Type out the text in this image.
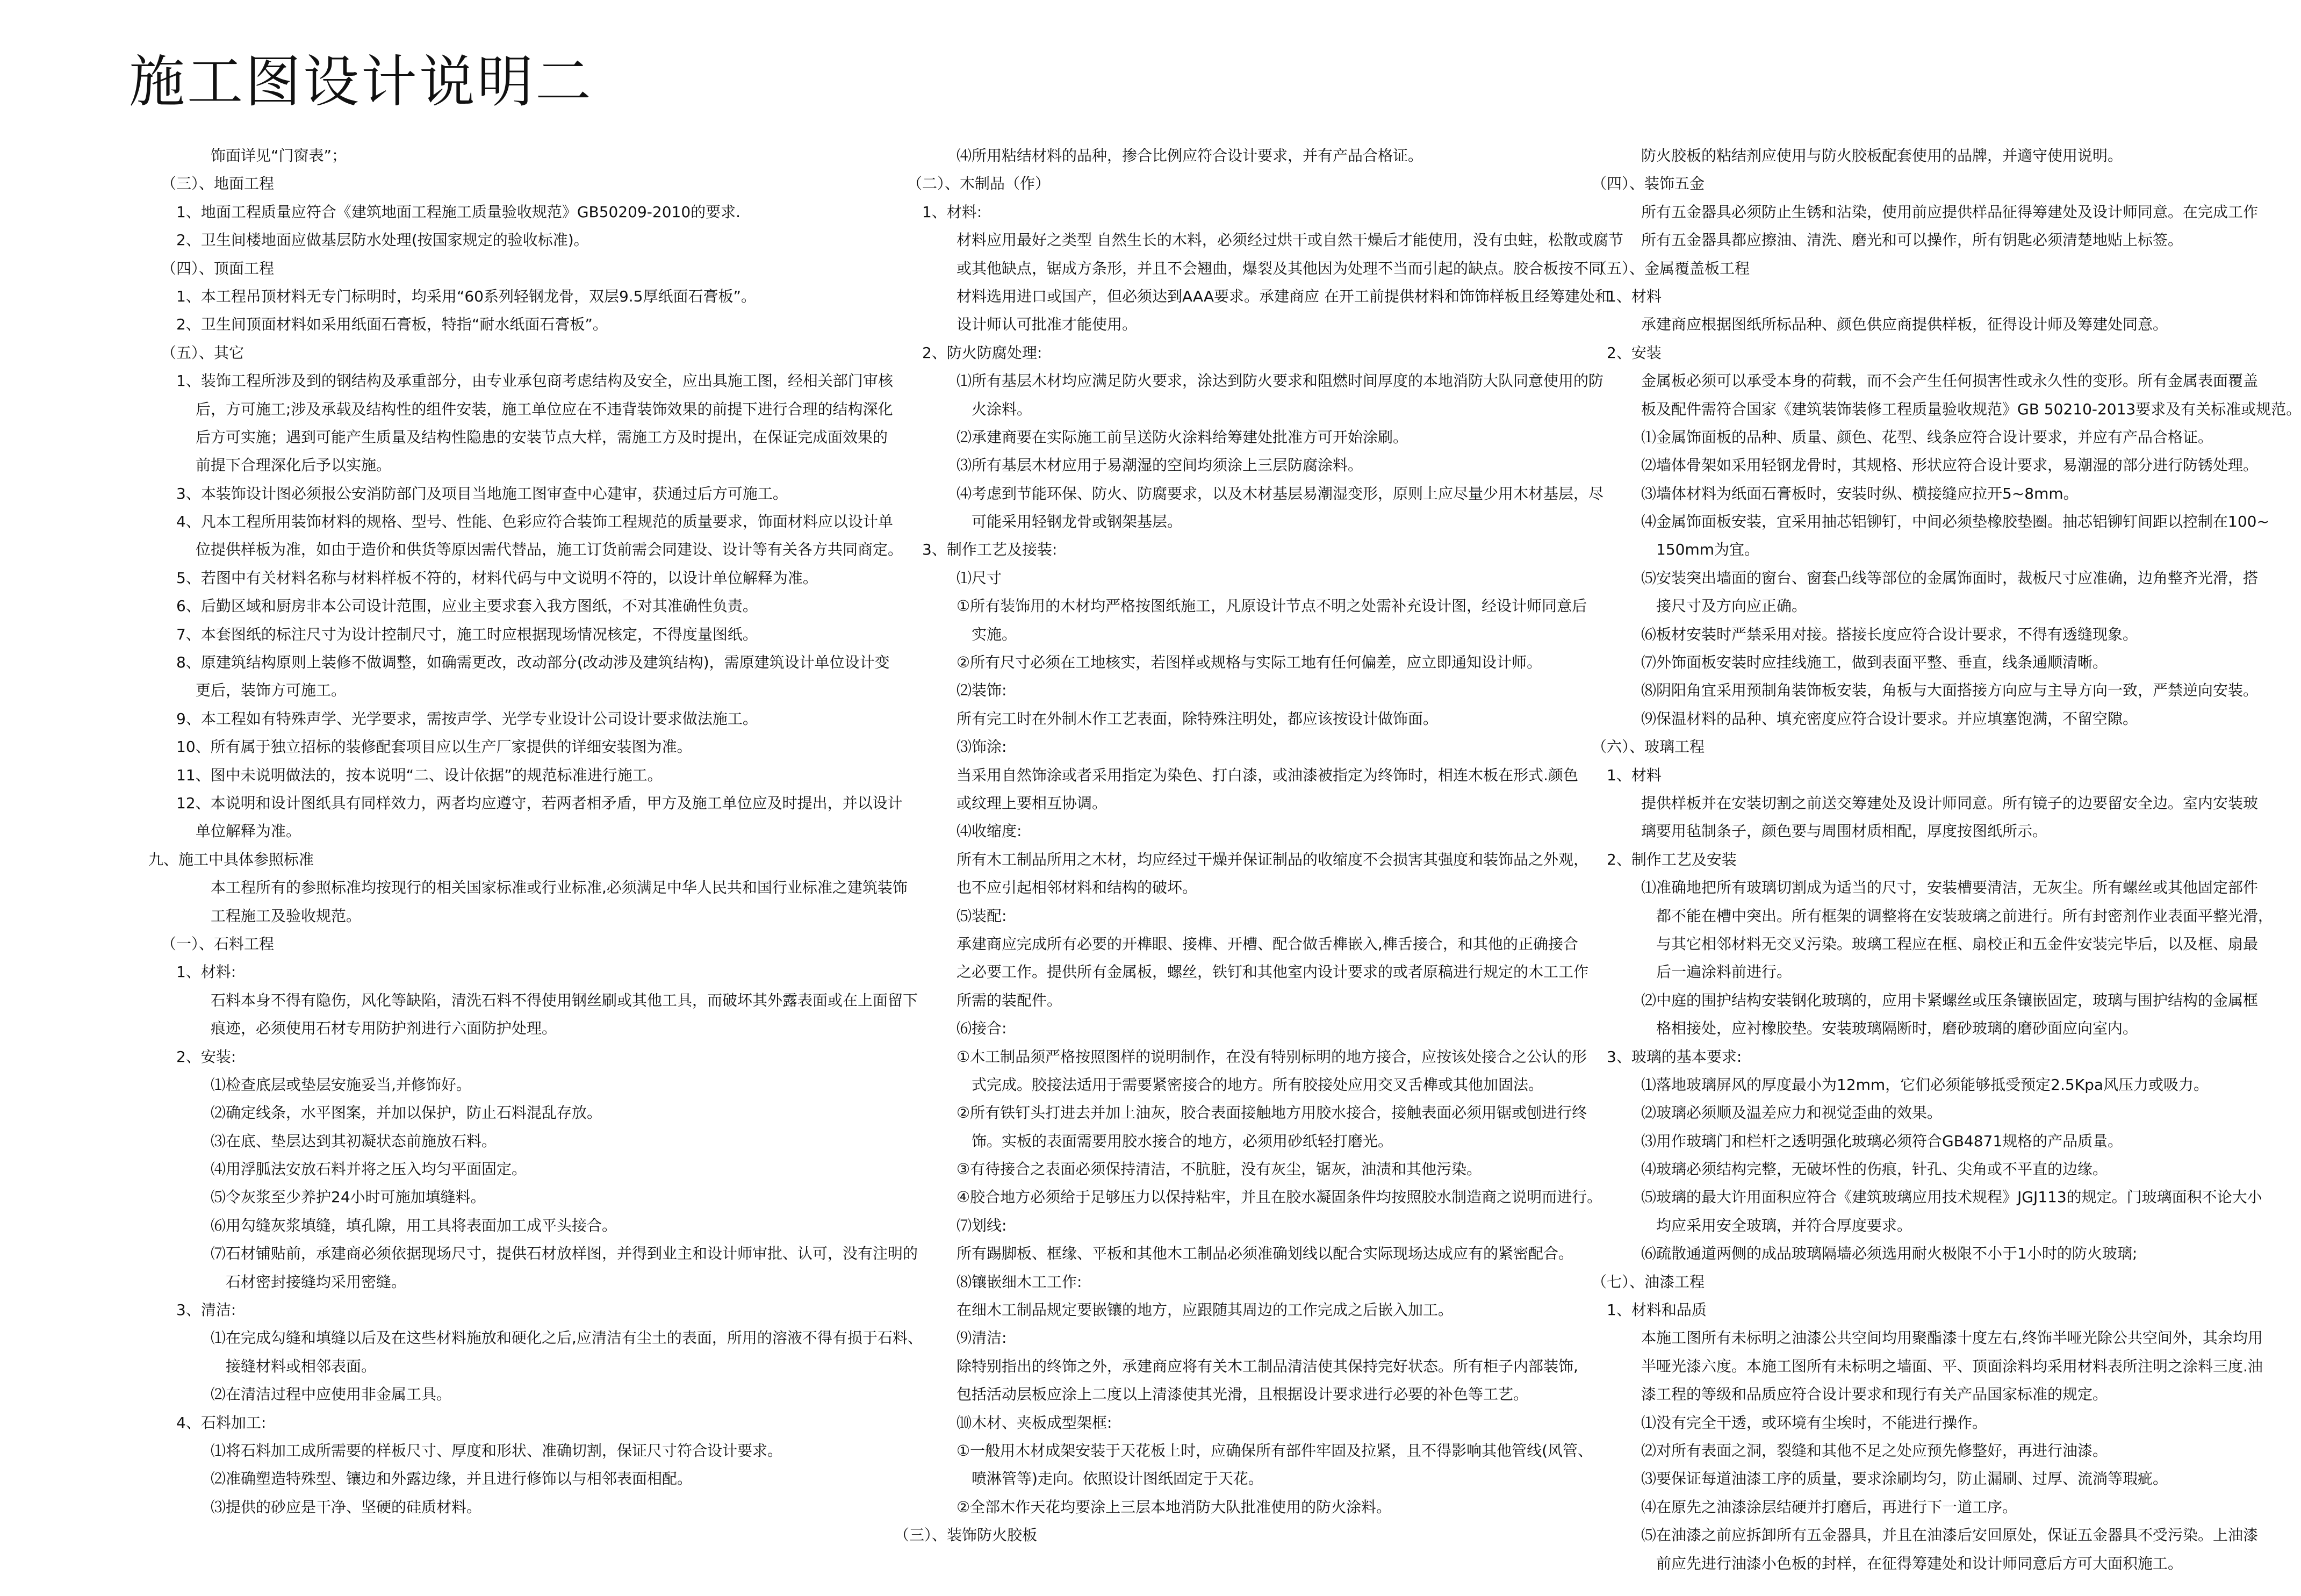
施工图设计说明二
饰面详见“门窗表”；
（三）、地面工程
1、地面工程质量应符合《建筑地面工程施工质量验收规范》GB50209-2010的要求.
2、卫生间楼地面应做基层防水处理(按国家规定的验收标准)。
（四）、顶面工程
1、本工程吊顶材料无专门标明时，均采用“60系列轻钢龙骨，双层9.5厚纸面石膏板”。
2、卫生间顶面材料如采用纸面石膏板，特指“耐水纸面石膏板”。
（五）、其它
1、装饰工程所涉及到的钢结构及承重部分，由专业承包商考虑结构及安全，应出具施工图，经相关部门审核
后，方可施工;涉及承载及结构性的组件安装，施工单位应在不违背装饰效果的前提下进行合理的结构深化
后方可实施；遇到可能产生质量及结构性隐患的安装节点大样，需施工方及时提出，在保证完成面效果的
前提下合理深化后予以实施。
3、本装饰设计图必须报公安消防部门及项目当地施工图审查中心建审，获通过后方可施工。
4、凡本工程所用装饰材料的规格、型号、性能、色彩应符合装饰工程规范的质量要求，饰面材料应以设计单
位提供样板为准，如由于造价和供货等原因需代替品，施工订货前需会同建设、设计等有关各方共同商定。
5、若图中有关材料名称与材料样板不符的，材料代码与中文说明不符的，以设计单位解释为准。
6、后勤区域和厨房非本公司设计范围，应业主要求套入我方图纸，不对其准确性负责。
7、本套图纸的标注尺寸为设计控制尺寸，施工时应根据现场情况核定，不得度量图纸。
8、原建筑结构原则上装修不做调整，如确需更改，改动部分(改动涉及建筑结构)，需原建筑设计单位设计变
更后，装饰方可施工。
9、本工程如有特殊声学、光学要求，需按声学、光学专业设计公司设计要求做法施工。
10、所有属于独立招标的装修配套项目应以生产厂家提供的详细安装图为准。
11、图中未说明做法的，按本说明“二、设计依据”的规范标准进行施工。
12、本说明和设计图纸具有同样效力，两者均应遵守，若两者相矛盾，甲方及施工单位应及时提出，并以设计
单位解释为准。
九、施工中具体参照标准
本工程所有的参照标准均按现行的相关国家标准或行业标准,必须满足中华人民共和国行业标准之建筑装饰
工程施工及验收规范。
（一）、石料工程
1、材料:
石料本身不得有隐伤，风化等缺陷，清洗石料不得使用钢丝刷或其他工具，而破坏其外露表面或在上面留下
痕迹，必须使用石材专用防护剂进行六面防护处理。
2、安装:
⑴检查底层或垫层安施妥当,并修饰好。
⑵确定线条，水平图案，并加以保护，防止石料混乱存放。
⑶在底、垫层达到其初凝状态前施放石料。
⑷用浮胍法安放石料并将之压入均匀平面固定。
⑸令灰浆至少养护24小时可施加填缝料。
⑹用勾缝灰浆填缝，填孔隙，用工具将表面加工成平头接合。
⑺石材铺贴前，承建商必须依据现场尺寸，提供石材放样图，并得到业主和设计师审批、认可，没有注明的
石材密封接缝均采用密缝。
3、清洁:
⑴在完成勾缝和填缝以后及在这些材料施放和硬化之后,应清洁有尘土的表面，所用的溶液不得有损于石料、
接缝材料或相邻表面。
⑵在清洁过程中应使用非金属工具。
4、石料加工:
⑴将石料加工成所需要的样板尺寸、厚度和形状、准确切割，保证尺寸符合设计要求。
⑵准确塑造特殊型、镶边和外露边缘，并且进行修饰以与相邻表面相配。
⑶提供的砂应是干净、坚硬的硅质材料。
⑷所用粘结材料的品种，掺合比例应符合设计要求，并有产品合格证。
（二）、木制品（作）
1、材料:
材料应用最好之类型 自然生长的木料，必须经过烘干或自然干燥后才能使用，没有虫蛀，松散或腐节
或其他缺点，锯成方条形，并且不会翘曲，爆裂及其他因为处理不当而引起的缺点。胶合板按不同
材料选用进口或国产，但必须达到AAA要求。承建商应 在开工前提供材料和饰饰样板且经筹建处和
设计师认可批准才能使用。
2、防火防腐处理:
⑴所有基层木材均应满足防火要求，涂达到防火要求和阻燃时间厚度的本地消防大队同意使用的防
火涂料。
⑵承建商要在实际施工前呈送防火涂料给筹建处批准方可开始涂刷。
⑶所有基层木材应用于易潮湿的空间均须涂上三层防腐涂料。
⑷考虑到节能环保、防火、防腐要求，以及木材基层易潮湿变形，原则上应尽量少用木材基层，尽
可能采用轻钢龙骨或钢架基层。
3、制作工艺及接装:
⑴尺寸
①所有装饰用的木材均严格按图纸施工，凡原设计节点不明之处需补充设计图，经设计师同意后
实施。
②所有尺寸必须在工地核实，若图样或规格与实际工地有任何偏差，应立即通知设计师。
⑵装饰:
所有完工时在外制木作工艺表面，除特殊注明处，都应该按设计做饰面。
⑶饰涂:
当采用自然饰涂或者采用指定为染色、打白漆，或油漆被指定为终饰时，相连木板在形式.颜色
或纹理上要相互协调。
⑷收缩度:
所有木工制品所用之木材，均应经过干燥并保证制品的收缩度不会损害其强度和装饰品之外观，
也不应引起相邻材料和结构的破坏。
⑸装配:
承建商应完成所有必要的开榫眼、接榫、开槽、配合做舌榫嵌入,榫舌接合，和其他的正确接合
之必要工作。提供所有金属板，螺丝，铁钉和其他室内设计要求的或者原稿进行规定的木工工作
所需的装配件。
⑹接合:
①木工制品须严格按照图样的说明制作，在没有特别标明的地方接合，应按该处接合之公认的形
式完成。胶接法适用于需要紧密接合的地方。所有胶接处应用交叉舌榫或其他加固法。
②所有铁钉头打进去并加上油灰，胶合表面接触地方用胶水接合，接触表面必须用锯或刨进行终
饰。实板的表面需要用胶水接合的地方，必须用砂纸轻打磨光。
③有待接合之表面必须保持清洁，不肮脏，没有灰尘，锯灰，油渍和其他污染。
④胶合地方必须给于足够压力以保持粘牢，并且在胶水凝固条件均按照胶水制造商之说明而进行。
⑺划线:
所有踢脚板、框缘、平板和其他木工制品必须准确划线以配合实际现场达成应有的紧密配合。
⑻镶嵌细木工工作:
在细木工制品规定要嵌镶的地方，应跟随其周边的工作完成之后嵌入加工。
⑼清洁:
除特别指出的终饰之外，承建商应将有关木工制品清洁使其保持完好状态。所有柜子内部装饰,
包括活动层板应涂上二度以上清漆使其光滑，且根据设计要求进行必要的补色等工艺。
⑽木材、夹板成型架框:
①一般用木材成架安装于天花板上时，应确保所有部件牢固及拉紧，且不得影响其他管线(风管、
喷淋管等)走向。依照设计图纸固定于天花。
②全部木作天花均要涂上三层本地消防大队批准使用的防火涂料。
（三）、装饰防火胶板
防火胶板的粘结剂应使用与防火胶板配套使用的品牌，并適守使用说明。
（四）、装饰五金
所有五金器具必须防止生锈和沾染，使用前应提供样品征得筹建处及设计师同意。在完成工作
所有五金器具都应擦油、清洗、磨光和可以操作，所有钥匙必须清楚地贴上标签。
（五）、金属覆盖板工程
1、材料
承建商应根据图纸所标品种、颜色供应商提供样板，征得设计师及筹建处同意。
2、安装
金属板必须可以承受本身的荷载，而不会产生任何损害性或永久性的变形。所有金属表面覆盖
板及配件需符合国家《建筑装饰装修工程质量验收规范》GB 50210-2013要求及有关标准或规范。
⑴金属饰面板的品种、质量、颜色、花型、线条应符合设计要求，并应有产品合格证。
⑵墙体骨架如采用轻钢龙骨时，其规格、形状应符合设计要求，易潮湿的部分进行防锈处理。
⑶墙体材料为纸面石膏板时，安装时纵、横接缝应拉开5~8mm。
⑷金属饰面板安装，宜采用抽芯铝铆钉，中间必须垫橡胶垫圈。抽芯铝铆钉间距以控制在100~
150mm为宜。
⑸安装突出墙面的窗台、窗套凸线等部位的金属饰面时，裁板尺寸应准确，边角整齐光滑，搭
接尺寸及方向应正确。
⑹板材安装时严禁采用对接。搭接长度应符合设计要求，不得有透缝现象。
⑺外饰面板安装时应挂线施工，做到表面平整、垂直，线条通顺清晰。
⑻阴阳角宜采用预制角装饰板安装，角板与大面搭接方向应与主导方向一致，严禁逆向安装。
⑼保温材料的品种、填充密度应符合设计要求。并应填塞饱满，不留空隙。
（六）、玻璃工程
1、材料
提供样板并在安装切割之前送交筹建处及设计师同意。所有镜子的边要留安全边。室内安装玻
璃要用毡制条子，颜色要与周围材质相配，厚度按图纸所示。
2、制作工艺及安装
⑴准确地把所有玻璃切割成为适当的尺寸，安装槽要清洁，无灰尘。所有螺丝或其他固定部件
都不能在槽中突出。所有框架的调整将在安装玻璃之前进行。所有封密剂作业表面平整光滑，
与其它相邻材料无交叉污染。玻璃工程应在框、扇校正和五金件安装完毕后，以及框、扇最
后一遍涂料前进行。
⑵中庭的围护结构安装钢化玻璃的，应用卡紧螺丝或压条镶嵌固定，玻璃与围护结构的金属框
格相接处，应衬橡胶垫。安装玻璃隔断时，磨砂玻璃的磨砂面应向室内。
3、玻璃的基本要求:
⑴落地玻璃屏风的厚度最小为12mm，它们必须能够抵受预定2.5Kpa风压力或吸力。
⑵玻璃必须顺及温差应力和视觉歪曲的效果。
⑶用作玻璃门和栏杆之透明强化玻璃必须符合GB4871规格的产品质量。
⑷玻璃必须结构完整，无破坏性的伤痕，针孔、尖角或不平直的边缘。
⑸玻璃的最大许用面积应符合《建筑玻璃应用技术规程》JGJ113的规定。门玻璃面积不论大小
均应采用安全玻璃，并符合厚度要求。
⑹疏散通道两侧的成品玻璃隔墙必须选用耐火极限不小于1小时的防火玻璃;
（七）、油漆工程
1、材料和品质
本施工图所有未标明之油漆公共空间均用聚酯漆十度左右,终饰半哑光除公共空间外，其余均用
半哑光漆六度。本施工图所有未标明之墙面、平、顶面涂料均采用材料表所注明之涂料三度.油
漆工程的等级和品质应符合设计要求和现行有关产品国家标准的规定。
⑴没有完全干透，或环境有尘埃时，不能进行操作。
⑵对所有表面之洞，裂缝和其他不足之处应预先修整好，再进行油漆。
⑶要保证每道油漆工序的质量，要求涂刷均匀，防止漏刷、过厚、流淌等瑕疵。
⑷在原先之油漆涂层结硬并打磨后，再进行下一道工序。
⑸在油漆之前应拆卸所有五金器具，并且在油漆后安回原处，保证五金器具不受污染。上油漆
前应先进行油漆小色板的封样，在征得筹建处和设计师同意后方可大面积施工。
